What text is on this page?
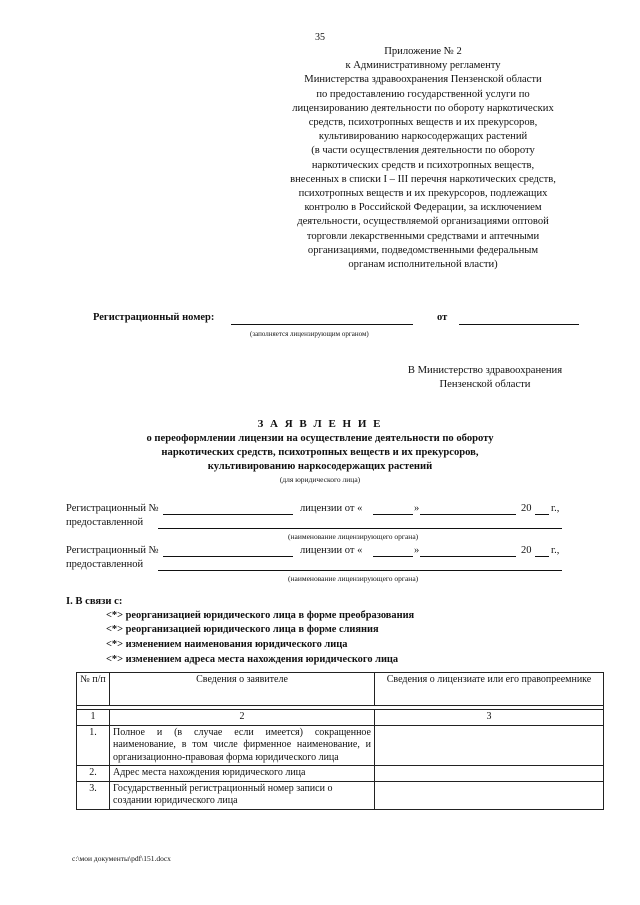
35
Приложение № 2
к Административному регламенту
Министерства здравоохранения Пензенской области
по предоставлению государственной услуги по
лицензированию деятельности по обороту наркотических
средств, психотропных веществ и их прекурсоров,
культивированию наркосодержащих растений
(в части осуществления деятельности по обороту
наркотических средств и психотропных веществ,
внесенных в списки I – III перечня наркотических средств,
психотропных веществ и их прекурсоров, подлежащих
контролю в Российской Федерации, за исключением
деятельности, осуществляемой организациями оптовой
торговли лекарственными средствами и аптечными
организациями, подведомственными федеральным
органам исполнительной власти)
Регистрационный номер:	от
(заполняется лицензирующим органом)
В Министерство здравоохранения
Пензенской области
З А Я В Л Е Н И Е
о переоформлении лицензии на осуществление деятельности по обороту
наркотических средств, психотропных веществ и их прекурсоров,
культивированию наркосодержащих растений
(для юридического лица)
Регистрационный №	лицензии от «	»	20 г.,
предоставленной
(наименование лицензирующего органа)
Регистрационный №	лицензии от «	»	20 г.,
предоставленной
(наименование лицензирующего органа)
I. В связи с:
<*> реорганизацией юридического лица в форме преобразования
<*> реорганизацией юридического лица в форме слияния
<*> изменением наименования юридического лица
<*> изменением адреса места нахождения юридического лица
№ п/п	Сведения о заявителе	Сведения о лицензиате или его правопреемнике

1	2	3
1.	Полное и (в случае если имеется) сокращенное наименование, в том числе фирменное наименование, и организационно-правовая форма юридического лица	
2.	Адрес места нахождения юридического лица	
3.	Государственный регистрационный номер записи о создании юридического лица	
c:\мои документы\pdf\151.docx
